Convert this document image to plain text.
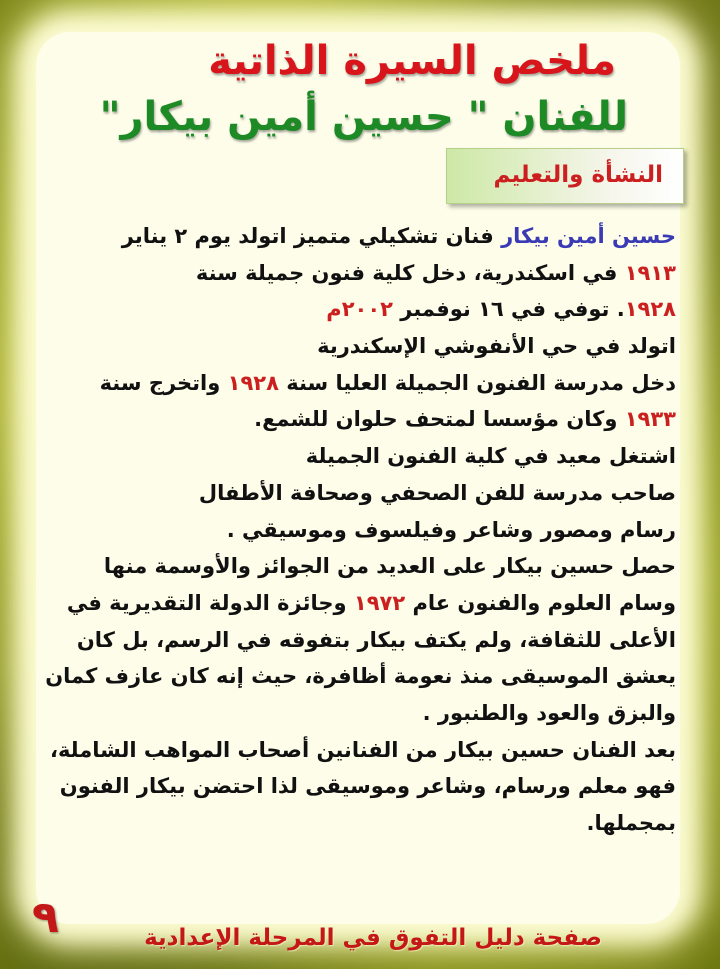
ملخص السيرة الذاتية
للفنان " حسين أمين بيكار"
النشأة والتعليم
حسين أمين بيكار فنان تشكيلي متميز اتولد يوم ٢ يناير
١٩١٣ في اسكندرية، دخل كلية فنون جميلة سنة
١٩٢٨. توفي في ١٦ نوفمبر ٢٠٠٢م
اتولد في حي الأنفوشي الإسكندرية
دخل مدرسة الفنون الجميلة العليا سنة ١٩٢٨ واتخرج سنة
١٩٣٣ وكان مؤسسا لمتحف حلوان للشمع.
اشتغل معيد في كلية الفنون الجميلة
صاحب مدرسة للفن الصحفي وصحافة الأطفال
رسام ومصور وشاعر وفيلسوف وموسيقي .
حصل حسين بيكار على العديد من الجوائز والأوسمة منها
وسام العلوم والفنون عام ١٩٧٢ وجائزة الدولة التقديرية في
الأعلى للثقافة، ولم يكتف بيكار بتفوقه في الرسم، بل كان
يعشق الموسيقى منذ نعومة أظافرة، حيث إنه كان عازف كمان
والبزق والعود والطنبور .
بعد الفنان حسين بيكار من الفنانين أصحاب المواهب الشاملة،
فهو معلم ورسام، وشاعر وموسيقى لذا احتضن بيكار الفنون
بمجملها.
٩	صفحة دليل التفوق في المرحلة الإعدادية
